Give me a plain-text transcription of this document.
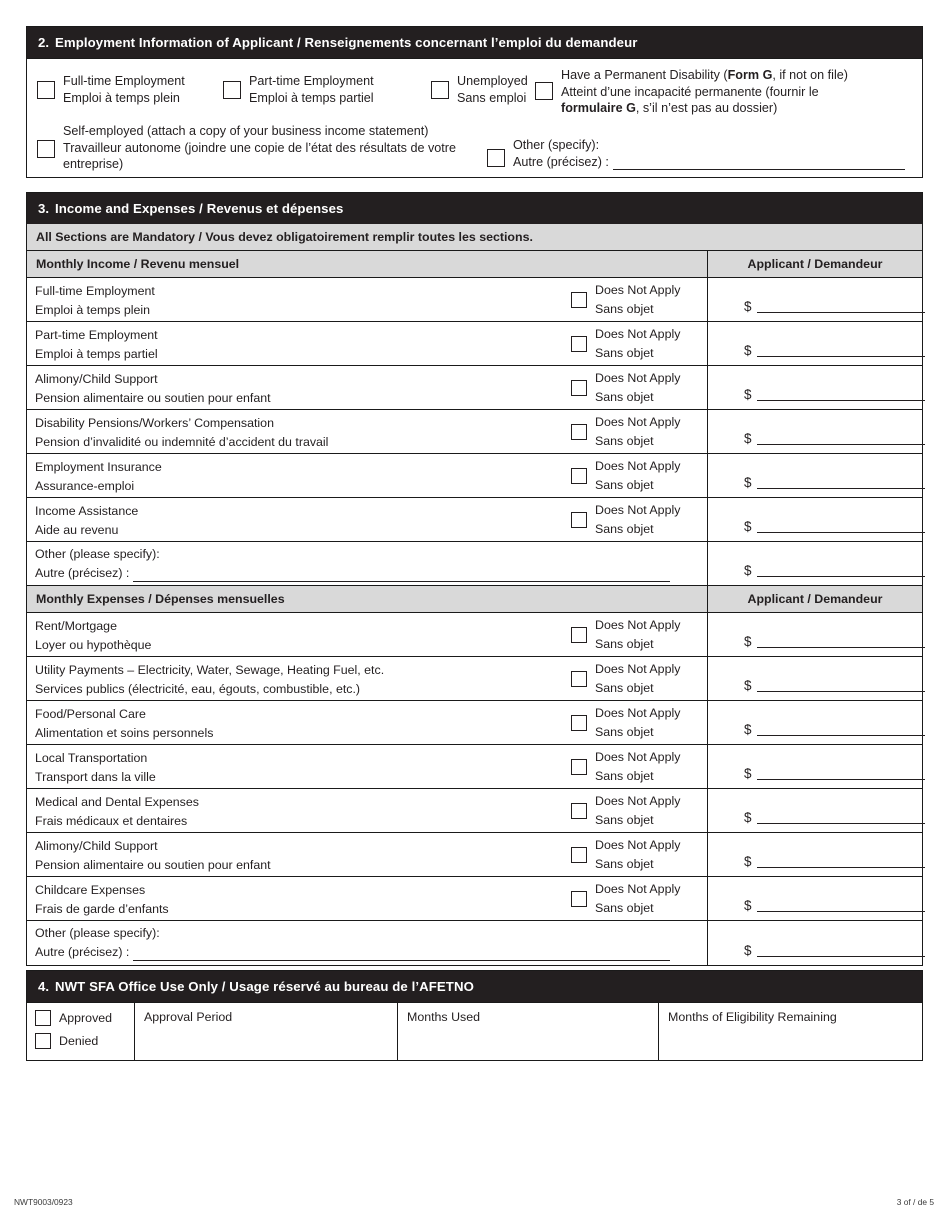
2. Employment Information of Applicant / Renseignements concernant l’emploi du demandeur
Full-time Employment
Emploi à temps plein
Part-time Employment
Emploi à temps partiel
Unemployed
Sans emploi
Have a Permanent Disability (Form G, if not on file)
Atteint d’une incapacité permanente (fournir le
formulaire G, s’il n’est pas au dossier)
Self-employed (attach a copy of your business income statement)
Travailleur autonome (joindre une copie de l’état des résultats de votre entreprise)
Other (specify):
Autre (précisez) :
3. Income and Expenses / Revenus et dépenses
All Sections are Mandatory / Vous devez obligatoirement remplir toutes les sections.
Monthly Income / Revenu mensuel	Applicant / Demandeur
Full-time Employment
Emploi à temps plein
Does Not Apply
Sans objet	$
Part-time Employment
Emploi à temps partiel
Does Not Apply
Sans objet	$
Alimony/Child Support
Pension alimentaire ou soutien pour enfant
Does Not Apply
Sans objet	$
Disability Pensions/Workers’ Compensation
Pension d’invalidité ou indemnité d’accident du travail
Does Not Apply
Sans objet	$
Employment Insurance
Assurance-emploi
Does Not Apply
Sans objet	$
Income Assistance
Aide au revenu
Does Not Apply
Sans objet	$
Other (please specify):
Autre (précisez) :	$
Monthly Expenses / Dépenses mensuelles	Applicant / Demandeur
Rent/Mortgage
Loyer ou hypothèque
Does Not Apply
Sans objet	$
Utility Payments – Electricity, Water, Sewage, Heating Fuel, etc.
Services publics (électricité, eau, égouts, combustible, etc.)
Does Not Apply
Sans objet	$
Food/Personal Care
Alimentation et soins personnels
Does Not Apply
Sans objet	$
Local Transportation
Transport dans la ville
Does Not Apply
Sans objet	$
Medical and Dental Expenses
Frais médicaux et dentaires
Does Not Apply
Sans objet	$
Alimony/Child Support
Pension alimentaire ou soutien pour enfant
Does Not Apply
Sans objet	$
Childcare Expenses
Frais de garde d’enfants
Does Not Apply
Sans objet	$
Other (please specify):
Autre (précisez) :	$
4. NWT SFA Office Use Only / Usage réservé au bureau de l’AFETNO
Approved
Denied
Approval Period	Months Used	Months of Eligibility Remaining
NWT9003/0923	3 of / de 5
